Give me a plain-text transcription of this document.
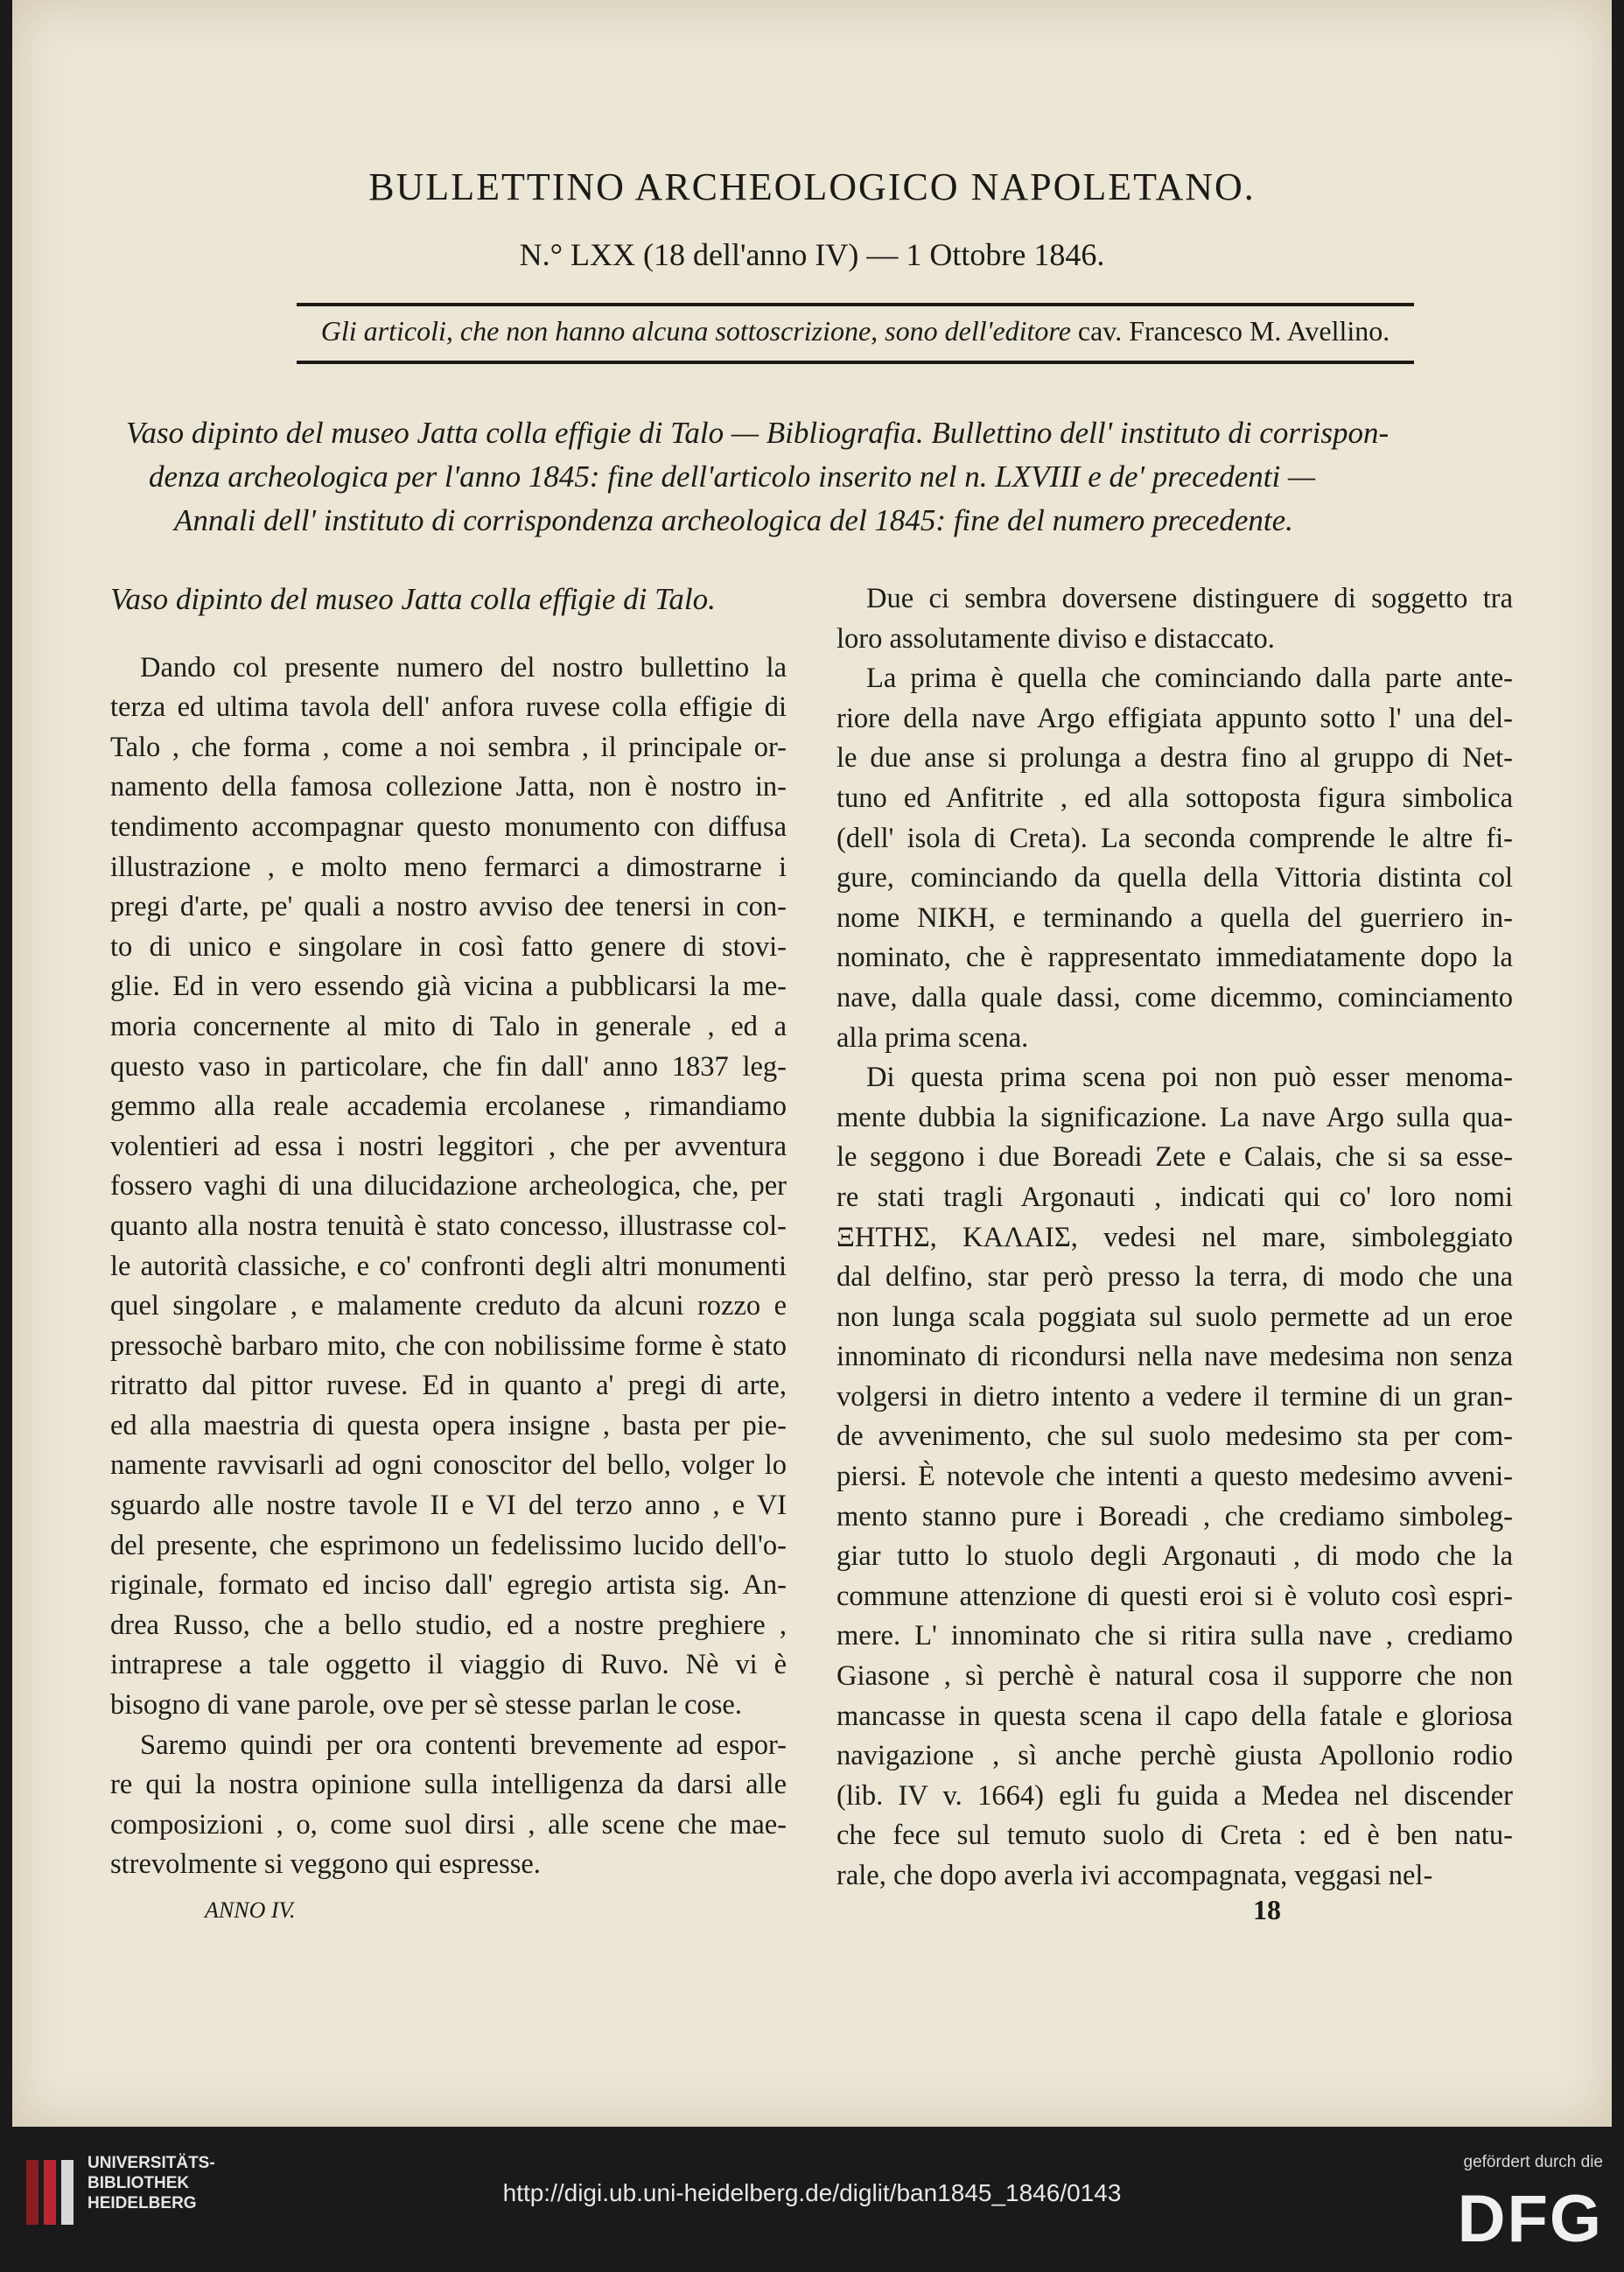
BULLETTINO ARCHEOLOGICO NAPOLETANO.
N.° LXX (18 dell'anno IV) — 1 Ottobre 1846.
Gli articoli, che non hanno alcuna sottoscrizione, sono dell'editore cav. Francesco M. Avellino.
Vaso dipinto del museo Jatta colla effigie di Talo — Bibliografia. Bullettino dell' instituto di corrispon-
denza archeologica per l'anno 1845: fine dell'articolo inserito nel n. LXVIII e de' precedenti —
Annali dell' instituto di corrispondenza archeologica del 1845: fine del numero precedente.
Vaso dipinto del museo Jatta colla effigie di Talo.

Dando col presente numero del nostro bullettino la
terza ed ultima tavola dell' anfora ruvese colla effigie di
Talo , che forma , come a noi sembra , il principale or-
namento della famosa collezione Jatta, non è nostro in-
tendimento accompagnar questo monumento con diffusa
illustrazione , e molto meno fermarci a dimostrarne i
pregi d'arte, pe' quali a nostro avviso dee tenersi in con-
to di unico e singolare in così fatto genere di stovi-
glie. Ed in vero essendo già vicina a pubblicarsi la me-
moria concernente al mito di Talo in generale , ed a
questo vaso in particolare, che fin dall' anno 1837 leg-
gemmo alla reale accademia ercolanese , rimandiamo
volentieri ad essa i nostri leggitori , che per avventura
fossero vaghi di una dilucidazione archeologica, che, per
quanto alla nostra tenuità è stato concesso, illustrasse col-
le autorità classiche, e co' confronti degli altri monumenti
quel singolare , e malamente creduto da alcuni rozzo e
pressochè barbaro mito, che con nobilissime forme è stato
ritratto dal pittor ruvese. Ed in quanto a' pregi di arte,
ed alla maestria di questa opera insigne , basta per pie-
namente ravvisarli ad ogni conoscitor del bello, volger lo
sguardo alle nostre tavole II e VI del terzo anno , e VI
del presente, che esprimono un fedelissimo lucido dell'o-
riginale, formato ed inciso dall' egregio artista sig. An-
drea Russo, che a bello studio, ed a nostre preghiere ,
intraprese a tale oggetto il viaggio di Ruvo. Nè vi è
bisogno di vane parole, ove per sè stesse parlan le cose.

Saremo quindi per ora contenti brevemente ad espor-
re qui la nostra opinione sulla intelligenza da darsi alle
composizioni , o, come suol dirsi , alle scene che mae-
strevolmente si veggono qui espresse.

Due ci sembra doversene distinguere di soggetto tra
loro assolutamente diviso e distaccato.

La prima è quella che cominciando dalla parte ante-
riore della nave Argo effigiata appunto sotto l' una del-
le due anse si prolunga a destra fino al gruppo di Net-
tuno ed Anfitrite , ed alla sottoposta figura simbolica
(dell' isola di Creta). La seconda comprende le altre fi-
gure, cominciando da quella della Vittoria distinta col
nome ΝΙΚΗ, e terminando a quella del guerriero in-
nominato, che è rappresentato immediatamente dopo la
nave, dalla quale dassi, come dicemmo, cominciamento
alla prima scena.

Di questa prima scena poi non può esser menoma-
mente dubbia la significazione. La nave Argo sulla qua-
le seggono i due Boreadi Zete e Calais, che si sa esse-
re stati tragli Argonauti , indicati qui co' loro nomi
ΞΗΤΗΣ, ΚΑΛΑΙΣ, vedesi nel mare, simboleggiato
dal delfino, star però presso la terra, di modo che una
non lunga scala poggiata sul suolo permette ad un eroe
innominato di ricondursi nella nave medesima non senza
volgersi in dietro intento a vedere il termine di un gran-
de avvenimento, che sul suolo medesimo sta per com-
piersi. È notevole che intenti a questo medesimo avveni-
mento stanno pure i Boreadi , che crediamo simboleg-
giar tutto lo stuolo degli Argonauti , di modo che la
commune attenzione di questi eroi si è voluto così espri-
mere. L' innominato che si ritira sulla nave , crediamo
Giasone , sì perchè è natural cosa il supporre che non
mancasse in questa scena il capo della fatale e gloriosa
navigazione , sì anche perchè giusta Apollonio rodio
(lib. IV v. 1664) egli fu guida a Medea nel discender
che fece sul temuto suolo di Creta : ed è ben natu-
rale, che dopo averla ivi accompagnata, veggasi nel-

ANNO IV.	18
UNIVERSITÄTS-
BIBLIOTHEK
HEIDELBERG	http://digi.ub.uni-heidelberg.de/diglit/ban1845_1846/0143
gefördert durch die
DFG
